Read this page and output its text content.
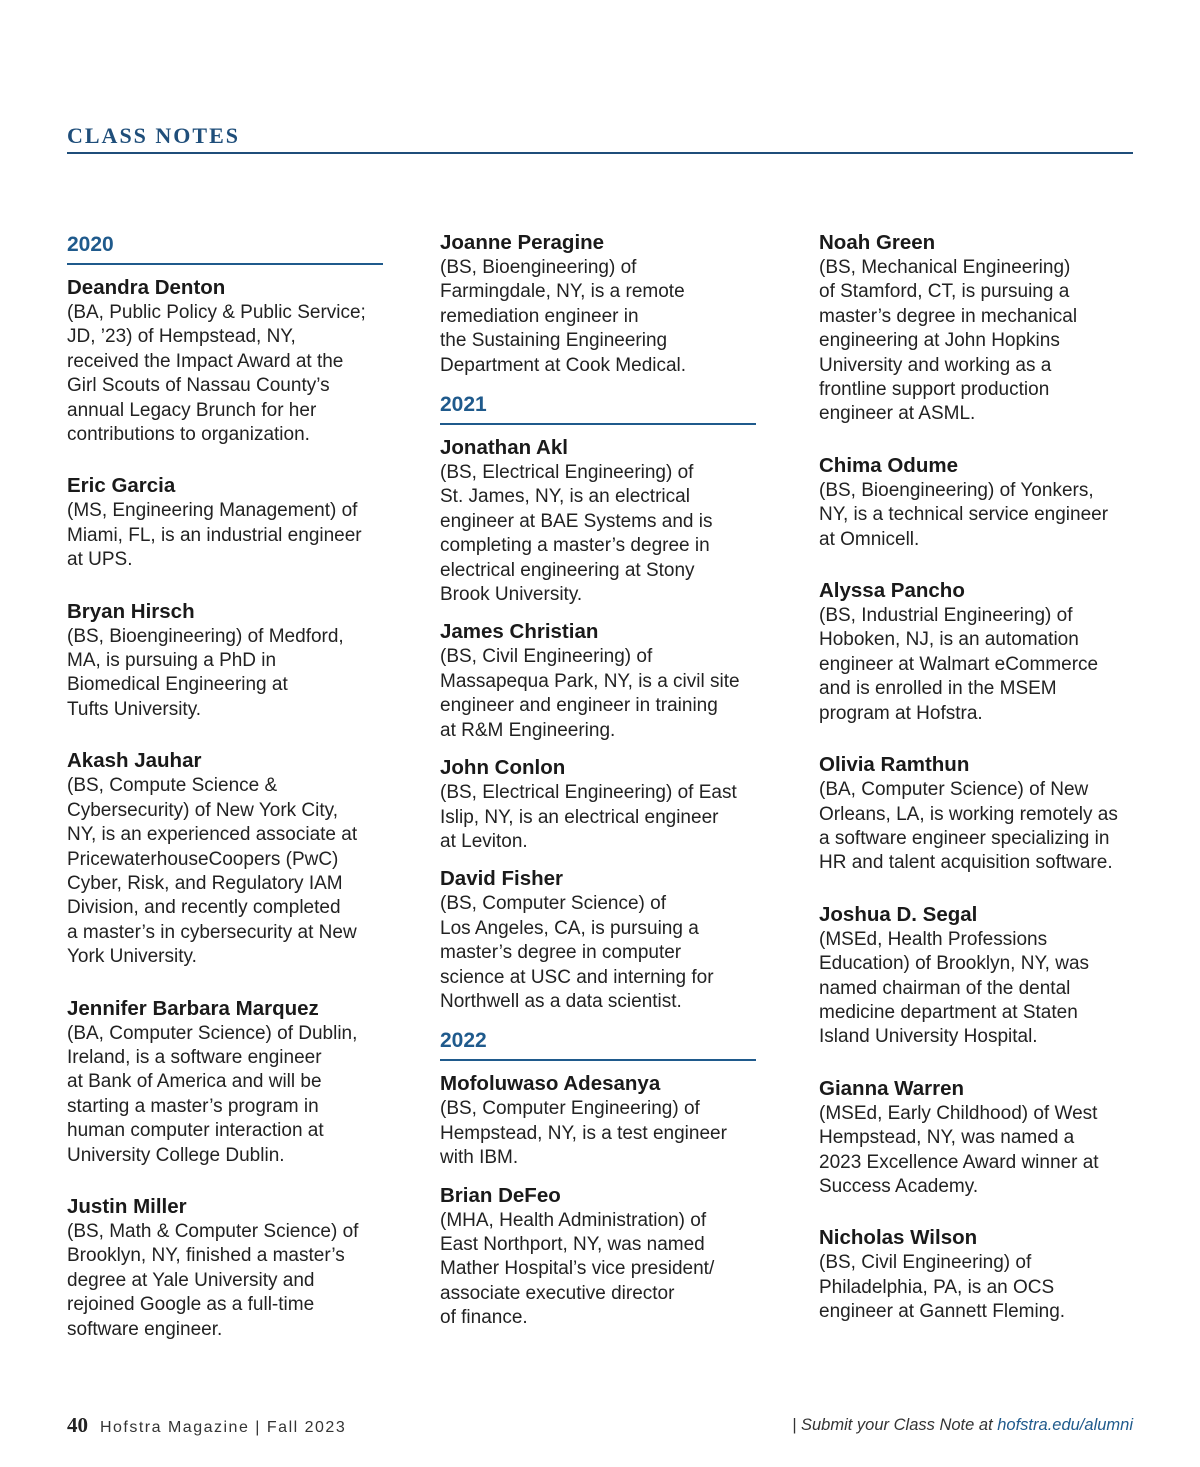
CLASS NOTES
2020
Deandra Denton
(BA, Public Policy & Public Service;
JD, ’23) of Hempstead, NY,
received the Impact Award at the
Girl Scouts of Nassau County’s
annual Legacy Brunch for her
contributions to organization.
Eric Garcia
(MS, Engineering Management) of
Miami, FL, is an industrial engineer
at UPS.
Bryan Hirsch
(BS, Bioengineering) of Medford,
MA, is pursuing a PhD in
Biomedical Engineering at
Tufts University.
Akash Jauhar
(BS, Compute Science &
Cybersecurity) of New York City,
NY, is an experienced associate at
PricewaterhouseCoopers (PwC)
Cyber, Risk, and Regulatory IAM
Division, and recently completed
a master’s in cybersecurity at New
York University.
Jennifer Barbara Marquez
(BA, Computer Science) of Dublin,
Ireland, is a software engineer
at Bank of America and will be
starting a master’s program in
human computer interaction at
University College Dublin.
Justin Miller
(BS, Math & Computer Science) of
Brooklyn, NY, finished a master’s
degree at Yale University and
rejoined Google as a full-time
software engineer.
Joanne Peragine
(BS, Bioengineering) of
Farmingdale, NY, is a remote
remediation engineer in
the Sustaining Engineering
Department at Cook Medical.
2021
Jonathan Akl
(BS, Electrical Engineering) of
St. James, NY, is an electrical
engineer at BAE Systems and is
completing a master’s degree in
electrical engineering at Stony
Brook University.
James Christian
(BS, Civil Engineering) of
Massapequa Park, NY, is a civil site
engineer and engineer in training
at R&M Engineering.
John Conlon
(BS, Electrical Engineering) of East
Islip, NY, is an electrical engineer
at Leviton.
David Fisher
(BS, Computer Science) of
Los Angeles, CA, is pursuing a
master’s degree in computer
science at USC and interning for
Northwell as a data scientist.
2022
Mofoluwaso Adesanya
(BS, Computer Engineering) of
Hempstead, NY, is a test engineer
with IBM.
Brian DeFeo
(MHA, Health Administration) of
East Northport, NY, was named
Mather Hospital’s vice president/
associate executive director
of finance.
Noah Green
(BS, Mechanical Engineering)
of Stamford, CT, is pursuing a
master’s degree in mechanical
engineering at John Hopkins
University and working as a
frontline support production
engineer at ASML.
Chima Odume
(BS, Bioengineering) of Yonkers,
NY, is a technical service engineer
at Omnicell.
Alyssa Pancho
(BS, Industrial Engineering) of
Hoboken, NJ, is an automation
engineer at Walmart eCommerce
and is enrolled in the MSEM
program at Hofstra.
Olivia Ramthun
(BA, Computer Science) of New
Orleans, LA, is working remotely as
a software engineer specializing in
HR and talent acquisition software.
Joshua D. Segal
(MSEd, Health Professions
Education) of Brooklyn, NY, was
named chairman of the dental
medicine department at Staten
Island University Hospital.
Gianna Warren
(MSEd, Early Childhood) of West
Hempstead, NY, was named a
2023 Excellence Award winner at
Success Academy.
Nicholas Wilson
(BS, Civil Engineering) of
Philadelphia, PA, is an OCS
engineer at Gannett Fleming.
40 Hofstra Magazine | Fall 2023	| Submit your Class Note at hofstra.edu/alumni
